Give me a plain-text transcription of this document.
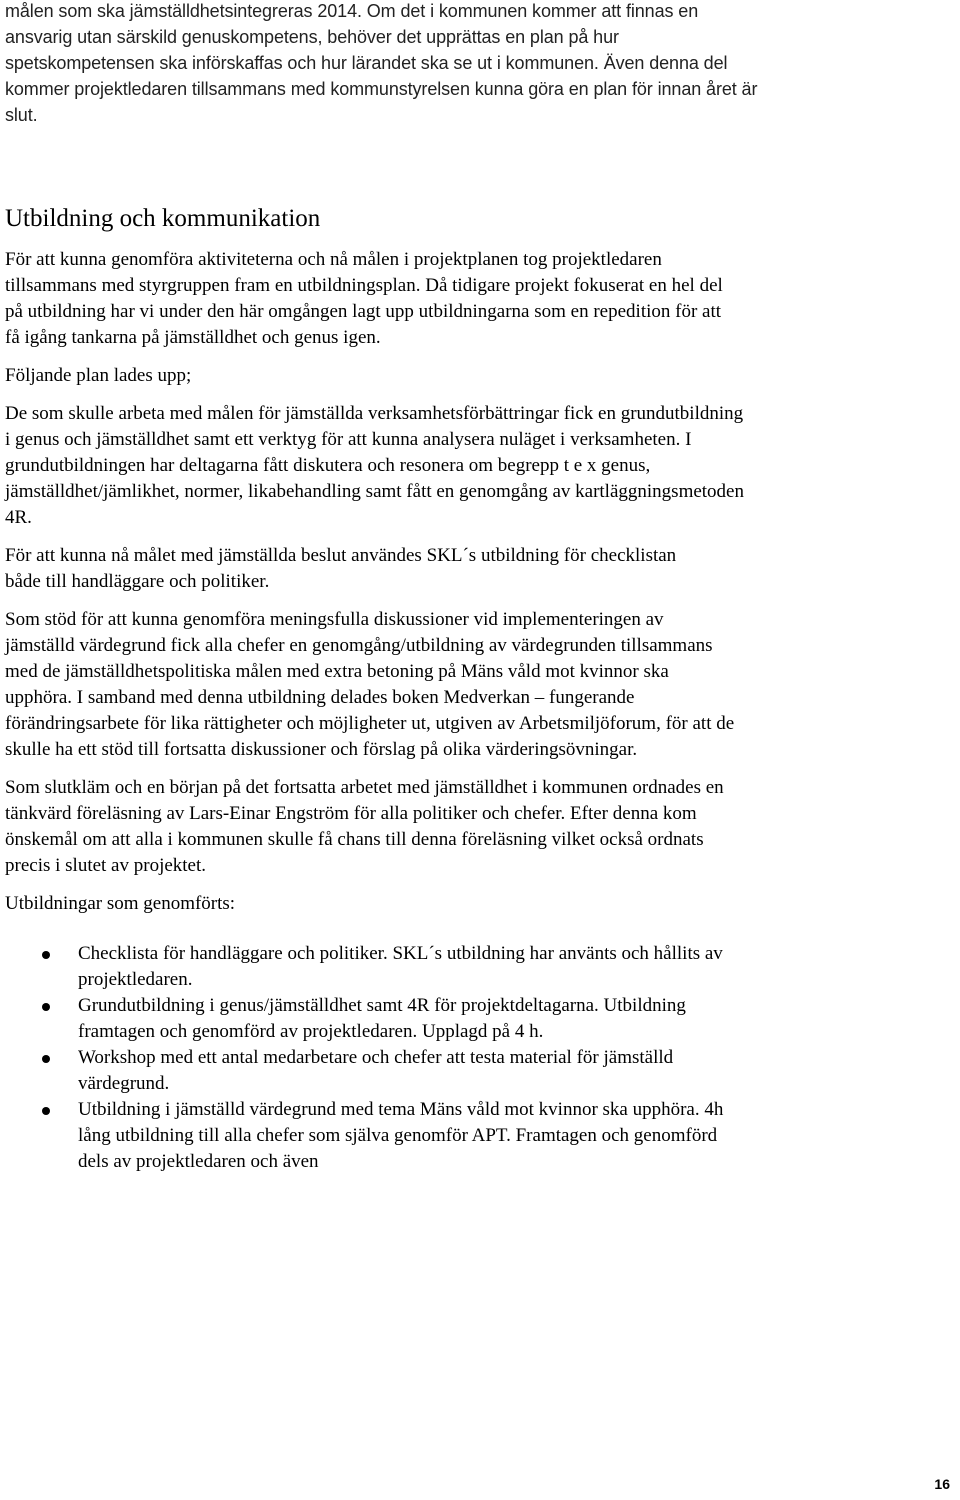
målen som ska jämställdhetsintegreras 2014. Om det i kommunen kommer att finnas en ansvarig utan särskild genuskompetens, behöver det upprättas en plan på hur spetskompetensen ska införskaffas och hur lärandet ska se ut i kommunen. Även denna del kommer projektledaren tillsammans med kommunstyrelsen kunna göra en plan för innan året är slut.

Utbildning och kommunikation

För att kunna genomföra aktiviteterna och nå målen i projektplanen tog projektledaren tillsammans med styrgruppen fram en utbildningsplan. Då tidigare projekt fokuserat en hel del på utbildning har vi under den här omgången lagt upp utbildningarna som en repedition för att få igång tankarna på jämställdhet och genus igen.

Följande plan lades upp;

De som skulle arbeta med målen för jämställda verksamhetsförbättringar fick en grundutbildning i genus och jämställdhet samt ett verktyg för att kunna analysera nuläget i verksamheten. I grundutbildningen har deltagarna fått diskutera och resonera om begrepp t e x genus, jämställdhet/jämlikhet, normer, likabehandling samt fått en genomgång av kartläggningsmetoden 4R.

För att kunna nå målet med jämställda beslut användes SKL´s utbildning för checklistan både till handläggare och politiker.

Som stöd för att kunna genomföra meningsfulla diskussioner vid implementeringen av jämställd värdegrund fick alla chefer en genomgång/utbildning av värdegrunden tillsammans med de jämställdhetspolitiska målen med extra betoning på Mäns våld mot kvinnor ska upphöra. I samband med denna utbildning delades boken Medverkan – fungerande förändringsarbete för lika rättigheter och möjligheter ut, utgiven av Arbetsmiljöforum, för att de skulle ha ett stöd till fortsatta diskussioner och förslag på olika värderingsövningar.

Som slutkläm och en början på det fortsatta arbetet med jämställdhet i kommunen ordnades en tänkvärd föreläsning av Lars-Einar Engström för alla politiker och chefer. Efter denna kom önskemål om att alla i kommunen skulle få chans till denna föreläsning vilket också ordnats precis i slutet av projektet.

Utbildningar som genomförts:

Checklista för handläggare och politiker. SKL´s utbildning har använts och hållits av projektledaren.
Grundutbildning i genus/jämställdhet samt 4R för projektdeltagarna. Utbildning framtagen och genomförd av projektledaren. Upplagd på 4 h.
Workshop med ett antal medarbetare och chefer att testa material för jämställd värdegrund.
Utbildning i jämställd värdegrund med tema Mäns våld mot kvinnor ska upphöra. 4h lång utbildning till alla chefer som själva genomför APT. Framtagen och genomförd dels av projektledaren och även
16
